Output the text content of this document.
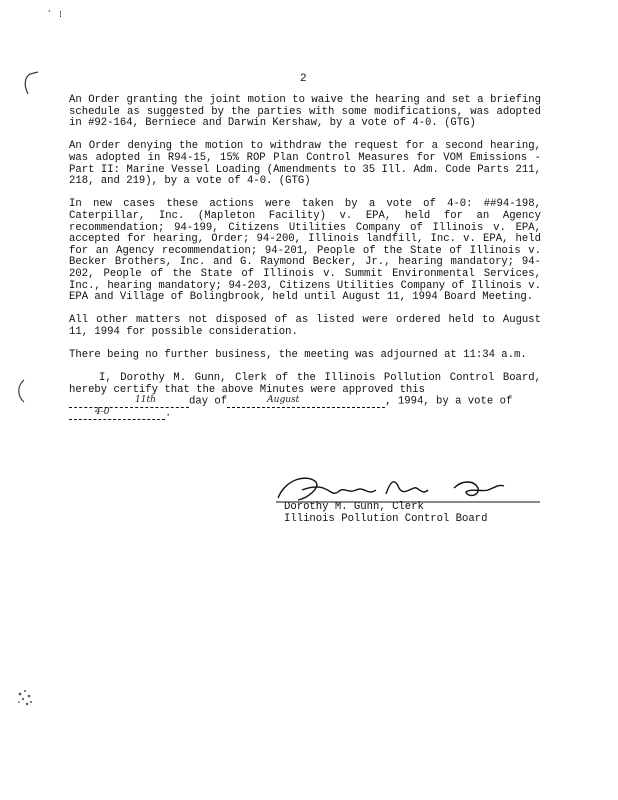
ʹ   ⁞
2

An Order granting the joint motion to waive the hearing and set a briefing schedule as suggested by the parties with some modifications, was adopted in #92-164, Berniece and Darwin Kershaw, by a vote of 4-0. (GTG)

An Order denying the motion to withdraw the request for a second hearing, was adopted in R94-15, 15% ROP Plan Control Measures for VOM Emissions - Part II: Marine Vessel Loading (Amendments to 35 Ill. Adm. Code Parts 211, 218, and 219), by a vote of 4-0. (GTG)

In new cases these actions were taken by a vote of 4-0: ##94-198, Caterpillar, Inc. (Mapleton Facility) v. EPA, held for an Agency recommendation; 94-199, Citizens Utilities Company of Illinois v. EPA, accepted for hearing, Order; 94-200, Illinois landfill, Inc. v. EPA, held for an Agency recommendation; 94-201, People of the State of Illinois v. Becker Brothers, Inc. and G. Raymond Becker, Jr., hearing mandatory; 94-202, People of the State of Illinois v. Summit Environmental Services, Inc., hearing mandatory; 94-203, Citizens Utilities Company of Illinois v. EPA and Village of Bolingbrook, held until August 11, 1994 Board Meeting.

All other matters not disposed of as listed were ordered held to August 11, 1994 for possible consideration.

There being no further business, the meeting was adjourned at 11:34 a.m.

I, Dorothy M. Gunn, Clerk of the Illinois Pollution Control Board, hereby certify that the above Minutes were approved this

11th	day of	August	, 1994, by a vote of
4-0	.
Dorothy M. Gunn, Clerk
Illinois Pollution Control Board
